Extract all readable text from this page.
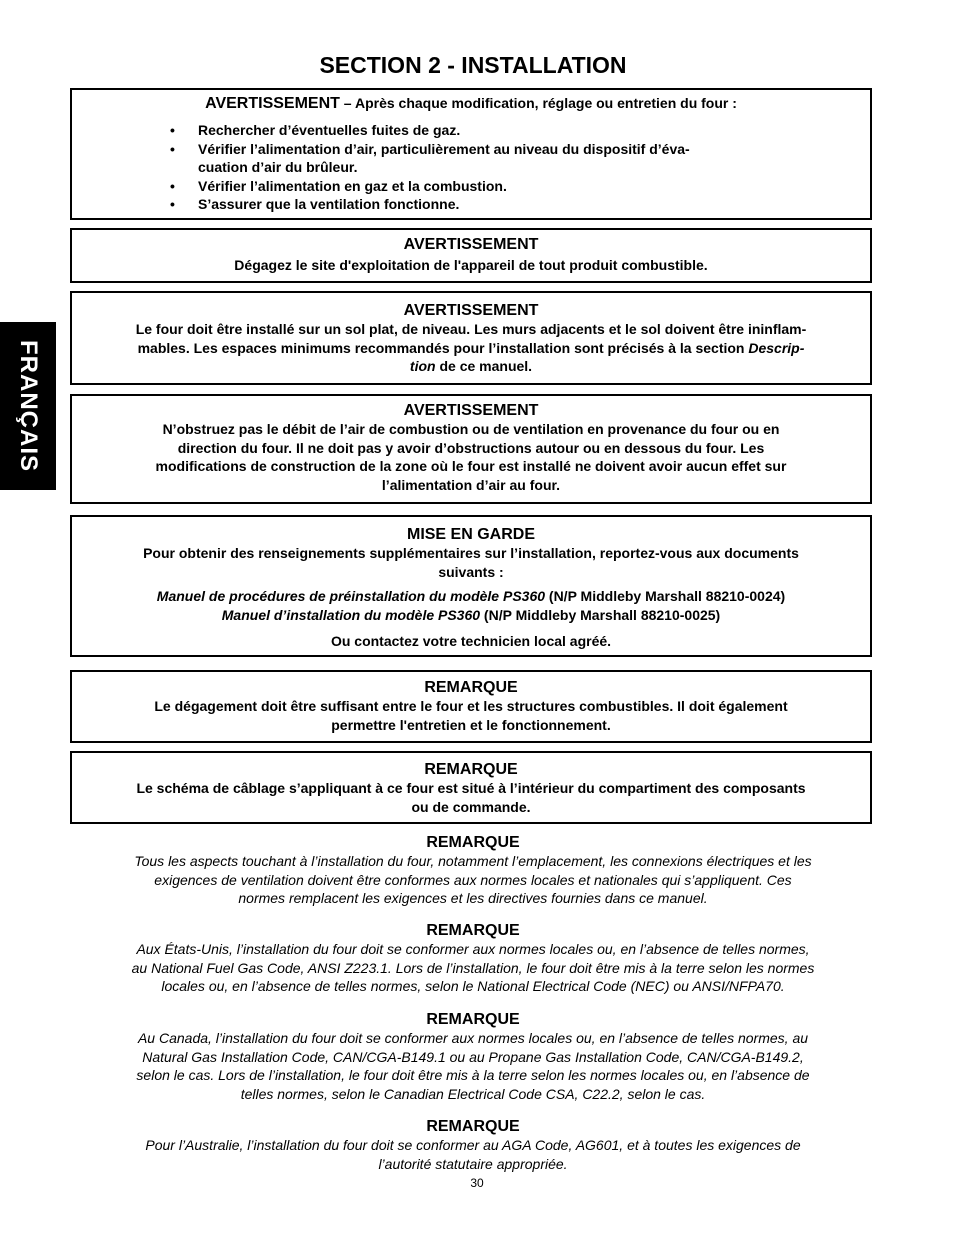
FRANÇAIS
SECTION 2 - INSTALLATION
AVERTISSEMENT – Après chaque modification, réglage ou entretien du four :
• Rechercher d’éventuelles fuites de gaz.
• Vérifier l’alimentation d’air, particulièrement au niveau du dispositif d’éva-
cuation d’air du brûleur.
• Vérifier l’alimentation en gaz et la combustion.
• S’assurer que la ventilation fonctionne.
AVERTISSEMENT
Dégagez le site d'exploitation de l'appareil de tout produit combustible.
AVERTISSEMENT
Le four doit être installé sur un sol plat, de niveau. Les murs adjacents et le sol doivent être ininflam-
mables. Les espaces minimums recommandés pour l’installation sont précisés à la section Descrip-
tion de ce manuel.
AVERTISSEMENT
N’obstruez pas le débit de l’air de combustion ou de ventilation en provenance du four ou en
direction du four. Il ne doit pas y avoir d’obstructions autour ou en dessous du four. Les
modifications de construction de la zone où le four est installé ne doivent avoir aucun effet sur
l’alimentation d’air au four.
MISE EN GARDE
Pour obtenir des renseignements supplémentaires sur l’installation, reportez-vous aux documents
suivants :
Manuel de procédures de préinstallation du modèle PS360 (N/P Middleby Marshall 88210-0024)
Manuel d’installation du modèle PS360 (N/P Middleby Marshall 88210-0025)
Ou contactez votre technicien local agréé.
REMARQUE
Le dégagement doit être suffisant entre le four et les structures combustibles. Il doit également
permettre l'entretien et le fonctionnement.
REMARQUE
Le schéma de câblage s’appliquant à ce four est situé à l’intérieur du compartiment des composants
ou de commande.
REMARQUE
Tous les aspects touchant à l’installation du four, notamment l’emplacement, les connexions électriques et les
exigences de ventilation doivent être conformes aux normes locales et nationales qui s’appliquent. Ces
normes remplacent les exigences et les directives fournies dans ce manuel.
REMARQUE
Aux États-Unis, l’installation du four doit se conformer aux normes locales ou, en l’absence de telles normes,
au National Fuel Gas Code, ANSI Z223.1. Lors de l’installation, le four doit être mis à la terre selon les normes
locales ou, en l’absence de telles normes, selon le National Electrical Code (NEC) ou ANSI/NFPA70.
REMARQUE
Au Canada, l’installation du four doit se conformer aux normes locales ou, en l’absence de telles normes, au
Natural Gas Installation Code, CAN/CGA-B149.1 ou au Propane Gas Installation Code, CAN/CGA-B149.2,
selon le cas. Lors de l’installation, le four doit être mis à la terre selon les normes locales ou, en l’absence de
telles normes, selon le Canadian Electrical Code CSA, C22.2, selon le cas.
REMARQUE
Pour l’Australie, l’installation du four doit se conformer au AGA Code, AG601, et à toutes les exigences de
l’autorité statutaire appropriée.
30
